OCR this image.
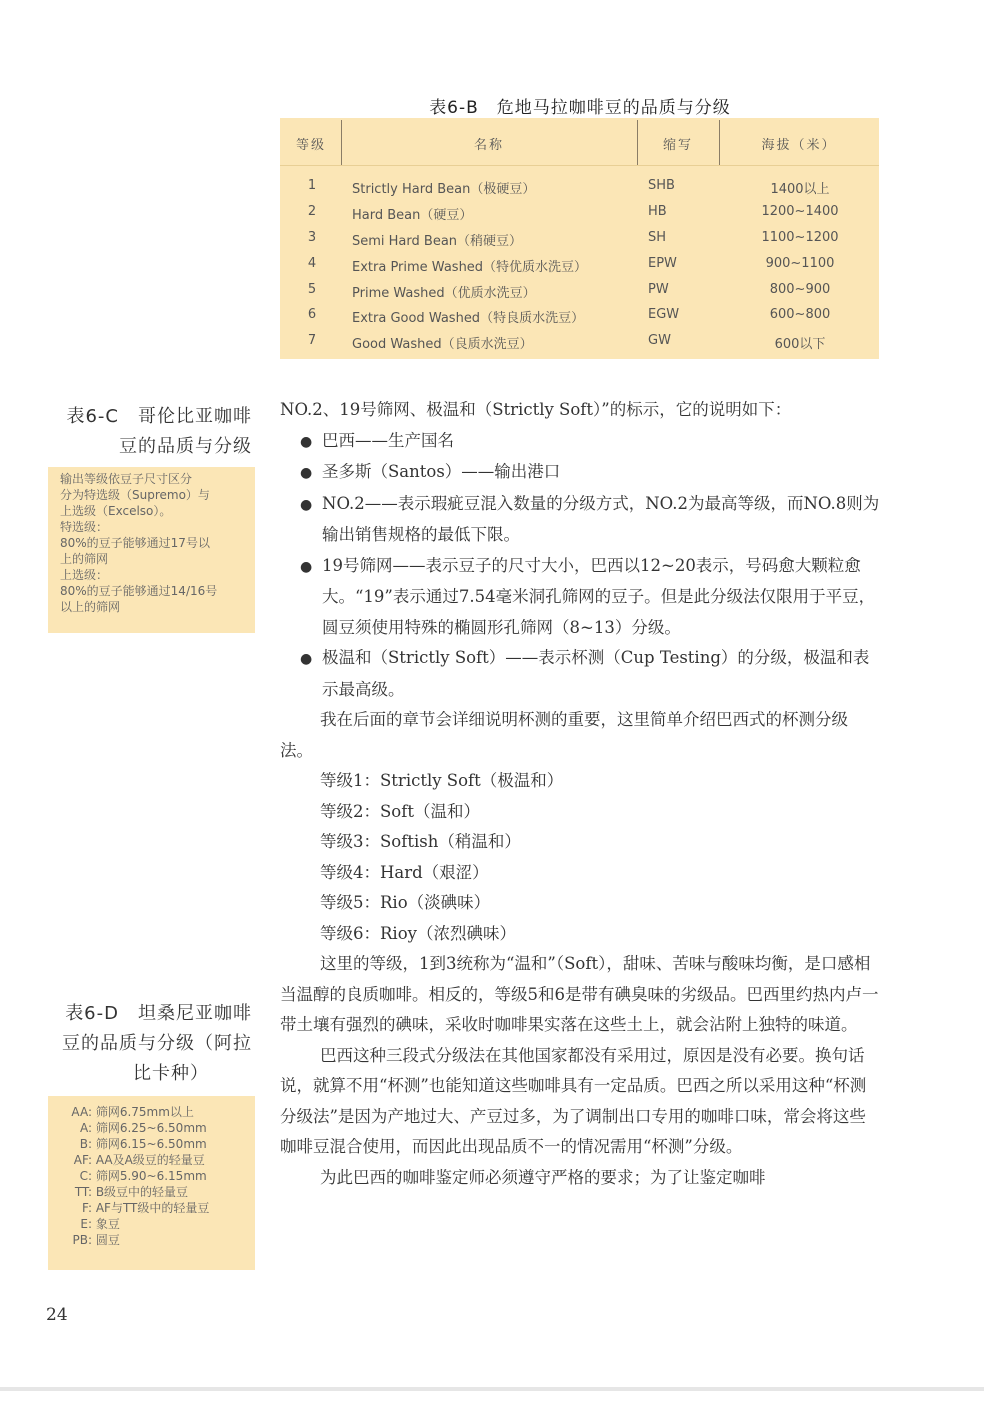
表6-B　危地马拉咖啡豆的品质与分级
等级	名称	缩写	海拔（米）
1	Strictly Hard Bean（极硬豆）	SHB	1400以上
2	Hard Bean（硬豆）	HB	1200~1400
3	Semi Hard Bean（稍硬豆）	SH	1100~1200
4	Extra Prime Washed（特优质水洗豆）	EPW	900~1100
5	Prime Washed（优质水洗豆）	PW	800~900
6	Extra Good Washed（特良质水洗豆）	EGW	600~800
7	Good Washed（良质水洗豆）	GW	600以下
表6-C　哥伦比亚咖啡
豆的品质与分级
输出等级依豆子尺寸区分
分为特选级（Supremo）与
上选级（Excelso）。
特选级：
80%的豆子能够通过17号以
上的筛网
上选级：
80%的豆子能够通过14/16号
以上的筛网
表6-D　坦桑尼亚咖啡
豆的品质与分级（阿拉
比卡种）
AA: 筛网6.75mm以上
A: 筛网6.25~6.50mm
B: 筛网6.15~6.50mm
AF: AA及A级豆的轻量豆
C: 筛网5.90~6.15mm
TT: B级豆中的轻量豆
F: AF与TT级中的轻量豆
E: 象豆
PB: 圆豆

NO.2、19号筛网、极温和（Strictly Soft）”的标示，它的说明如下：

● 巴西——生产国名

● 圣多斯（Santos）——输出港口

● NO.2——表示瑕疵豆混入数量的分级方式，NO.2为最高等级，而NO.8则为输出销售规格的最低下限。

● 19号筛网——表示豆子的尺寸大小，巴西以12~20表示，号码愈大颗粒愈大。“19”表示通过7.54毫米洞孔筛网的豆子。但是此分级法仅限用于平豆，圆豆须使用特殊的椭圆形孔筛网（8~13）分级。

● 极温和（Strictly Soft）——表示杯测（Cup Testing）的分级，极温和表示最高级。

我在后面的章节会详细说明杯测的重要，这里简单介绍巴西式的杯测分级法。

等级1：Strictly Soft（极温和）

等级2：Soft（温和）

等级3：Softish（稍温和）

等级4：Hard（艰涩）

等级5：Rio（淡碘味）

等级6：Rioy（浓烈碘味）

这里的等级，1到3统称为“温和”（Soft），甜味、苦味与酸味均衡，是口感相当温醇的良质咖啡。相反的，等级5和6是带有碘臭味的劣级品。巴西里约热内卢一带土壤有强烈的碘味，采收时咖啡果实落在这些土上，就会沾附上独特的味道。

巴西这种三段式分级法在其他国家都没有采用过，原因是没有必要。换句话说，就算不用“杯测”也能知道这些咖啡具有一定品质。巴西之所以采用这种“杯测分级法”是因为产地过大、产豆过多，为了调制出口专用的咖啡口味，常会将这些咖啡豆混合使用，而因此出现品质不一的情况需用“杯测”分级。

为此巴西的咖啡鉴定师必须遵守严格的要求；为了让鉴定咖啡

24
